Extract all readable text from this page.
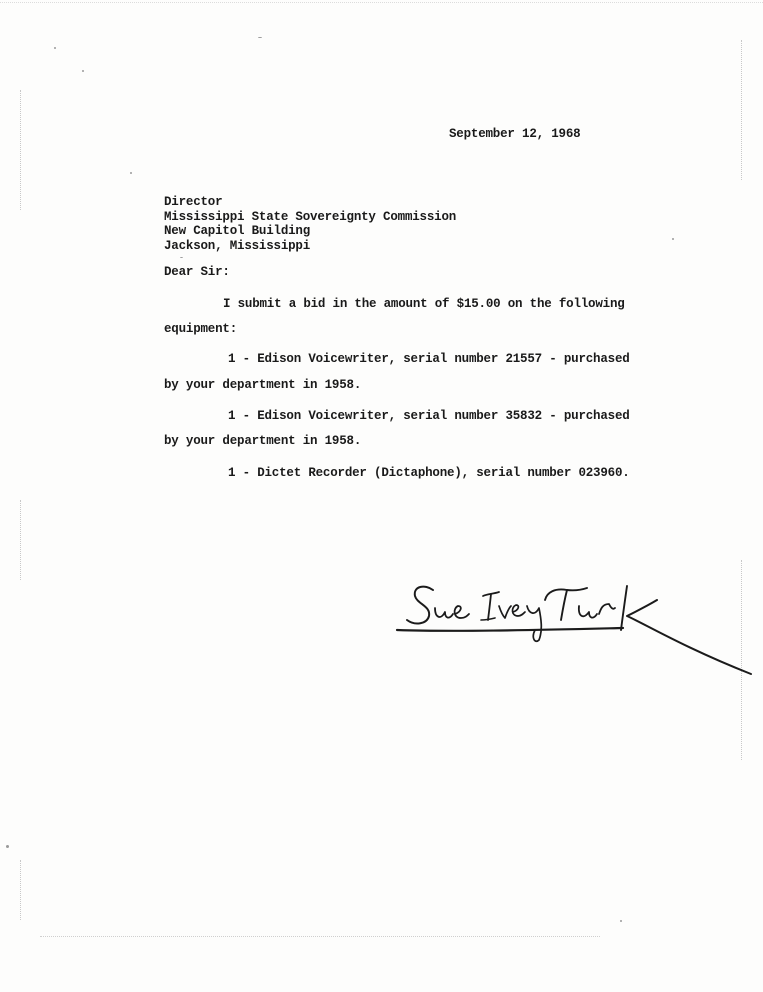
September 12, 1968
Director
Mississippi State Sovereignty Commission
New Capitol Building
Jackson, Mississippi
Dear Sir:
I submit a bid in the amount of $15.00 on the following
equipment:
1 - Edison Voicewriter, serial number 21557 - purchased
by your department in 1958.
1 - Edison Voicewriter, serial number 35832 - purchased
by your department in 1958.
1 - Dictet Recorder (Dictaphone), serial number 023960.
